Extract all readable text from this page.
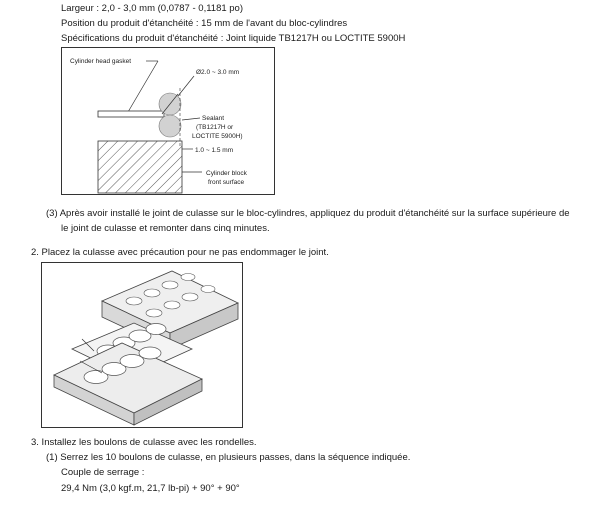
Largeur : 2,0 - 3,0 mm (0,0787 - 0,1181 po)
Position du produit d'étanchéité : 15 mm de l'avant du bloc-cylindres
Spécifications du produit d'étanchéité : Joint liquide TB1217H ou LOCTITE 5900H
Cylinder head gasket
Ø2.0 ~ 3.0 mm
Sealant
(TB1217H or
LOCTITE 5900H)
1.0 ~ 1.5 mm
Cylinder block
front surface
(3) Après avoir installé le joint de culasse sur le bloc-cylindres, appliquez du produit d'étanchéité sur la surface supérieure de
le joint de culasse et remonter dans cinq minutes.
2. Placez la culasse avec précaution pour ne pas endommager le joint.
3. Installez les boulons de culasse avec les rondelles.
(1) Serrez les 10 boulons de culasse, en plusieurs passes, dans la séquence indiquée.
Couple de serrage :
29,4 Nm (3,0 kgf.m, 21,7 lb-pi) + 90° + 90°
